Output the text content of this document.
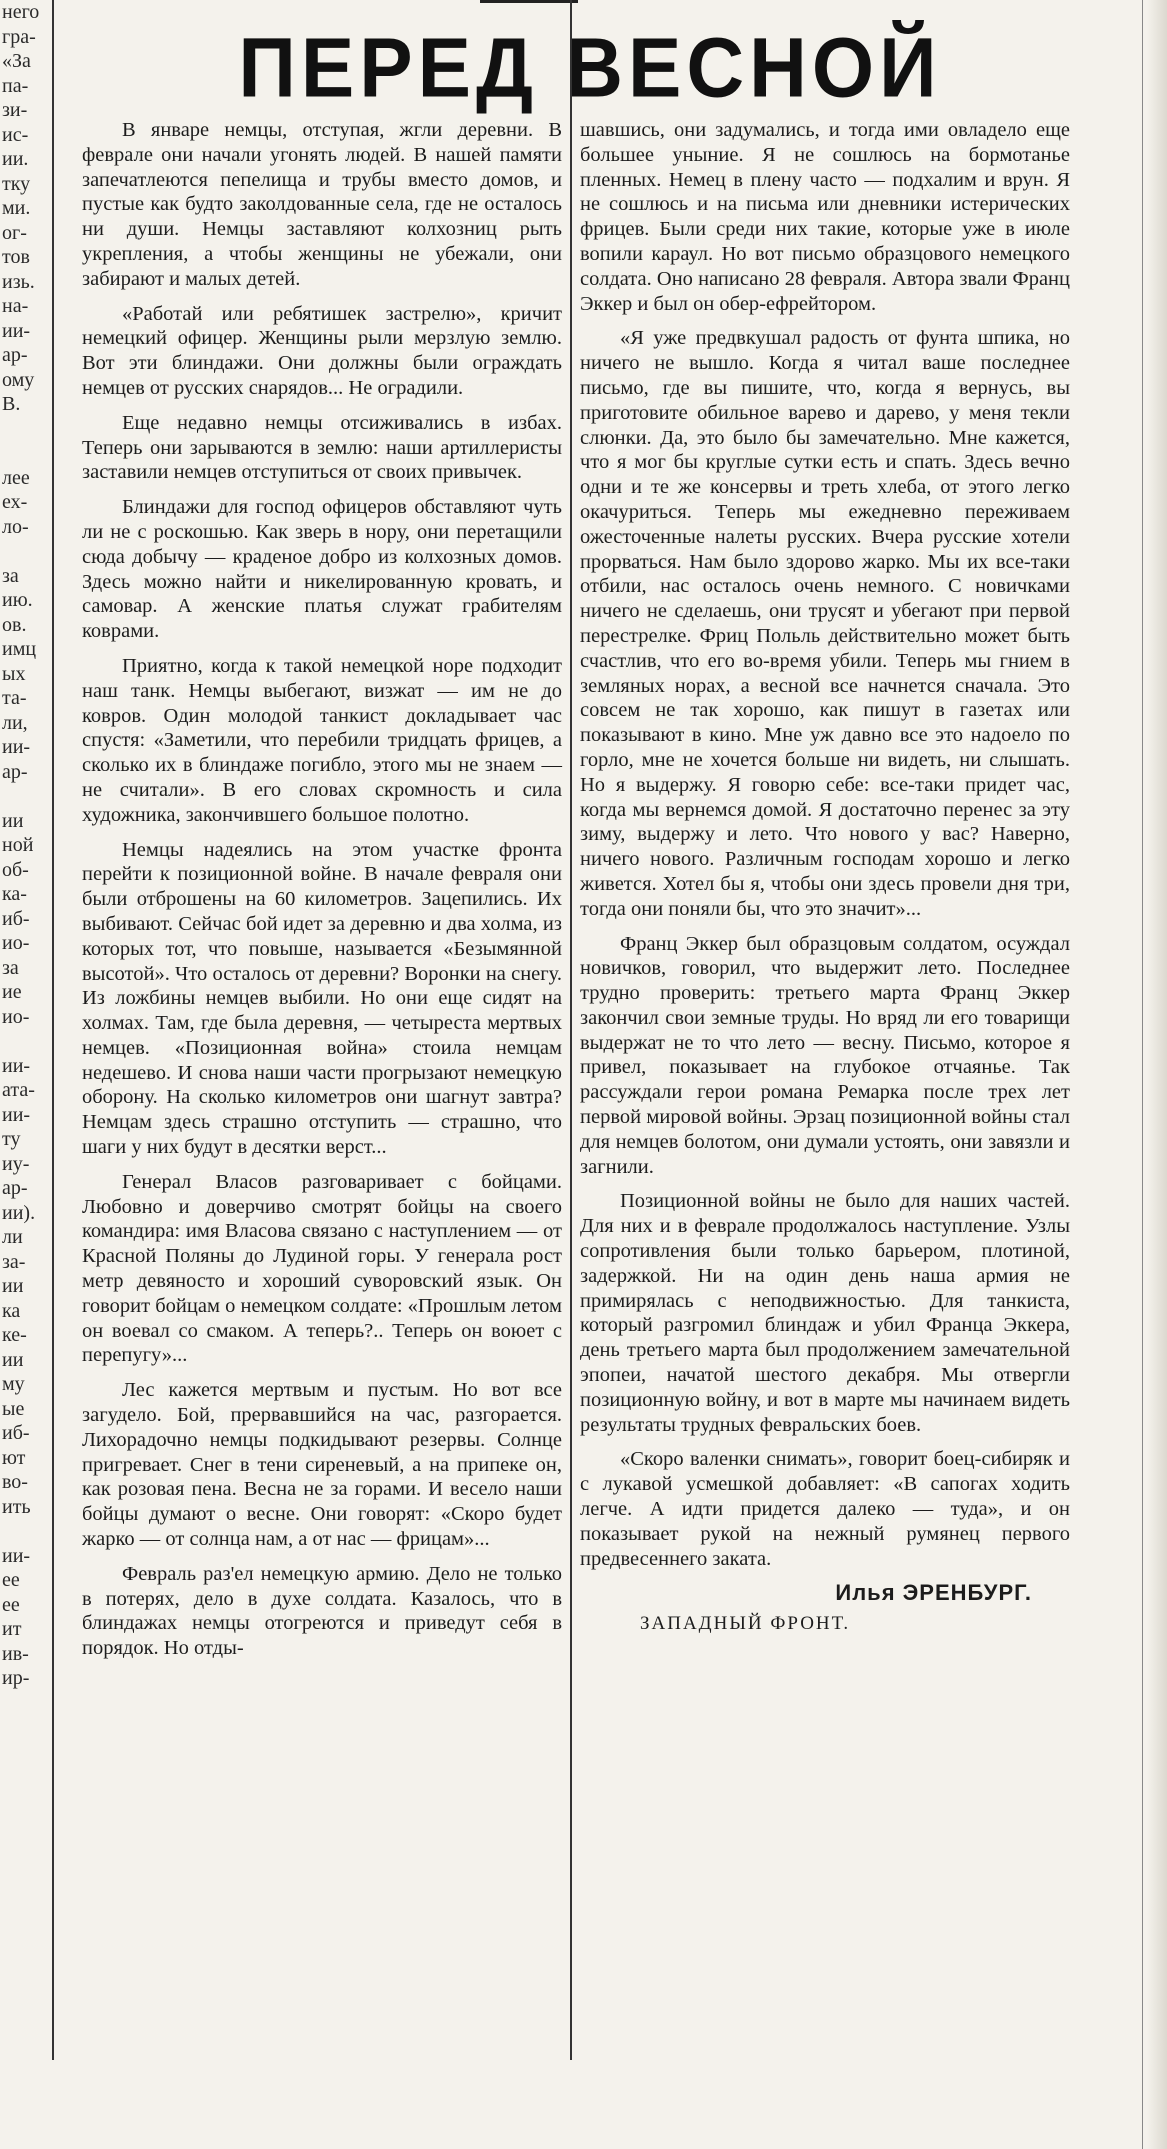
него
гра-
«За
па-
зи-
ис-
ии.
тку
ми.
ог-
тов
изь.
на-
ии-
ар-
ому
В.
лее
ех-
ло-
за
ию.
ов.
имц
ых
та-
ли,
ии-
ар-
ии
ной
об-
ка-
иб-
ио-
за
ие
ио-
ии-
ата-
ии-
ту
иу-
ар-
ии).
ли
за-
ии
ка
ке-
ии
му
ые
иб-
ют
во-
ить
ии-
ее
ее
ит
ив-
ир-
ПЕРЕД ВЕСНОЙ

В январе немцы, отступая, жгли деревни. В феврале они начали угонять людей. В нашей памяти запечатлеются пепелища и трубы вместо домов, и пустые как будто заколдованные села, где не осталось ни души. Немцы заставляют колхозниц рыть укрепления, а чтобы женщины не убежали, они забирают и малых детей.

«Работай или ребятишек застрелю», кричит немецкий офицер. Женщины рыли мерзлую землю. Вот эти блиндажи. Они должны были ограждать немцев от русских снарядов... Не оградили.

Еще недавно немцы отсиживались в избах. Теперь они зарываются в землю: наши артиллеристы заставили немцев отступиться от своих привычек.

Блиндажи для господ офицеров обставляют чуть ли не с роскошью. Как зверь в нору, они перетащили сюда добычу — краденое добро из колхозных домов. Здесь можно найти и никелированную кровать, и самовар. А женские платья служат грабителям коврами.

Приятно, когда к такой немецкой норе подходит наш танк. Немцы выбегают, визжат — им не до ковров. Один молодой танкист докладывает час спустя: «Заметили, что перебили тридцать фрицев, а сколько их в блиндаже погибло, этого мы не знаем — не считали». В его словах скромность и сила художника, закончившего большое полотно.

Немцы надеялись на этом участке фронта перейти к позиционной войне. В начале февраля они были отброшены на 60 километров. Зацепились. Их выбивают. Сейчас бой идет за деревню и два холма, из которых тот, что повыше, называется «Безымянной высотой». Что осталось от деревни? Воронки на снегу. Из ложбины немцев выбили. Но они еще сидят на холмах. Там, где была деревня, — четыреста мертвых немцев. «Позиционная война» стоила немцам недешево. И снова наши части прогрызают немецкую оборону. На сколько километров они шагнут завтра? Немцам здесь страшно отступить — страшно, что шаги у них будут в десятки верст...

Генерал Власов разговаривает с бойцами. Любовно и доверчиво смотрят бойцы на своего командира: имя Власова связано с наступлением — от Красной Поляны до Лудиной горы. У генерала рост метр девяносто и хороший суворовский язык. Он говорит бойцам о немецком солдате: «Прошлым летом он воевал со смаком. А теперь?.. Теперь он воюет с перепугу»...

Лес кажется мертвым и пустым. Но вот все загудело. Бой, прервавшийся на час, разгорается. Лихорадочно немцы подкидывают резервы. Солнце пригревает. Снег в тени сиреневый, а на припеке он, как розовая пена. Весна не за горами. И весело наши бойцы думают о весне. Они говорят: «Скоро будет жарко — от солнца нам, а от нас — фрицам»...

Февраль раз'ел немецкую армию. Дело не только в потерях, дело в духе солдата. Казалось, что в блиндажах немцы отогреются и приведут себя в порядок. Но отды-

шавшись, они задумались, и тогда ими овладело еще большее уныние. Я не сошлюсь на бормотанье пленных. Немец в плену часто — подхалим и врун. Я не сошлюсь и на письма или дневники истерических фрицев. Были среди них такие, которые уже в июле вопили караул. Но вот письмо образцового немецкого солдата. Оно написано 28 февраля. Автора звали Франц Эккер и был он обер-ефрейтором.

«Я уже предвкушал радость от фунта шпика, но ничего не вышло. Когда я читал ваше последнее письмо, где вы пишите, что, когда я вернусь, вы приготовите обильное варево и дарево, у меня текли слюнки. Да, это было бы замечательно. Мне кажется, что я мог бы круглые сутки есть и спать. Здесь вечно одни и те же консервы и треть хлеба, от этого легко окачуриться. Теперь мы ежедневно переживаем ожесточенные налеты русских. Вчера русские хотели прорваться. Нам было здорово жарко. Мы их все-таки отбили, нас осталось очень немного. С новичками ничего не сделаешь, они трусят и убегают при первой перестрелке. Фриц Польль действительно может быть счастлив, что его во-время убили. Теперь мы гнием в земляных норах, а весной все начнется сначала. Это совсем не так хорошо, как пишут в газетах или показывают в кино. Мне уж давно все это надоело по горло, мне не хочется больше ни видеть, ни слышать. Но я выдержу. Я говорю себе: все-таки придет час, когда мы вернемся домой. Я достаточно перенес за эту зиму, выдержу и лето. Что нового у вас? Наверно, ничего нового. Различным господам хорошо и легко живется. Хотел бы я, чтобы они здесь провели дня три, тогда они поняли бы, что это значит»...

Франц Эккер был образцовым солдатом, осуждал новичков, говорил, что выдержит лето. Последнее трудно проверить: третьего марта Франц Эккер закончил свои земные труды. Но вряд ли его товарищи выдержат не то что лето — весну. Письмо, которое я привел, показывает на глубокое отчаянье. Так рассуждали герои романа Ремарка после трех лет первой мировой войны. Эрзац позиционной войны стал для немцев болотом, они думали устоять, они завязли и загнили.

Позиционной войны не было для наших частей. Для них и в феврале продолжалось наступление. Узлы сопротивления были только барьером, плотиной, задержкой. Ни на один день наша армия не примирялась с неподвижностью. Для танкиста, который разгромил блиндаж и убил Франца Эккера, день третьего марта был продолжением замечательной эпопеи, начатой шестого декабря. Мы отвергли позиционную войну, и вот в марте мы начинаем видеть результаты трудных февральских боев.

«Скоро валенки снимать», говорит боец-сибиряк и с лукавой усмешкой добавляет: «В сапогах ходить легче. А идти придется далеко — туда», и он показывает рукой на нежный румянец первого предвесеннего заката.

Илья ЭРЕНБУРГ.

ЗАПАДНЫЙ ФРОНТ.
